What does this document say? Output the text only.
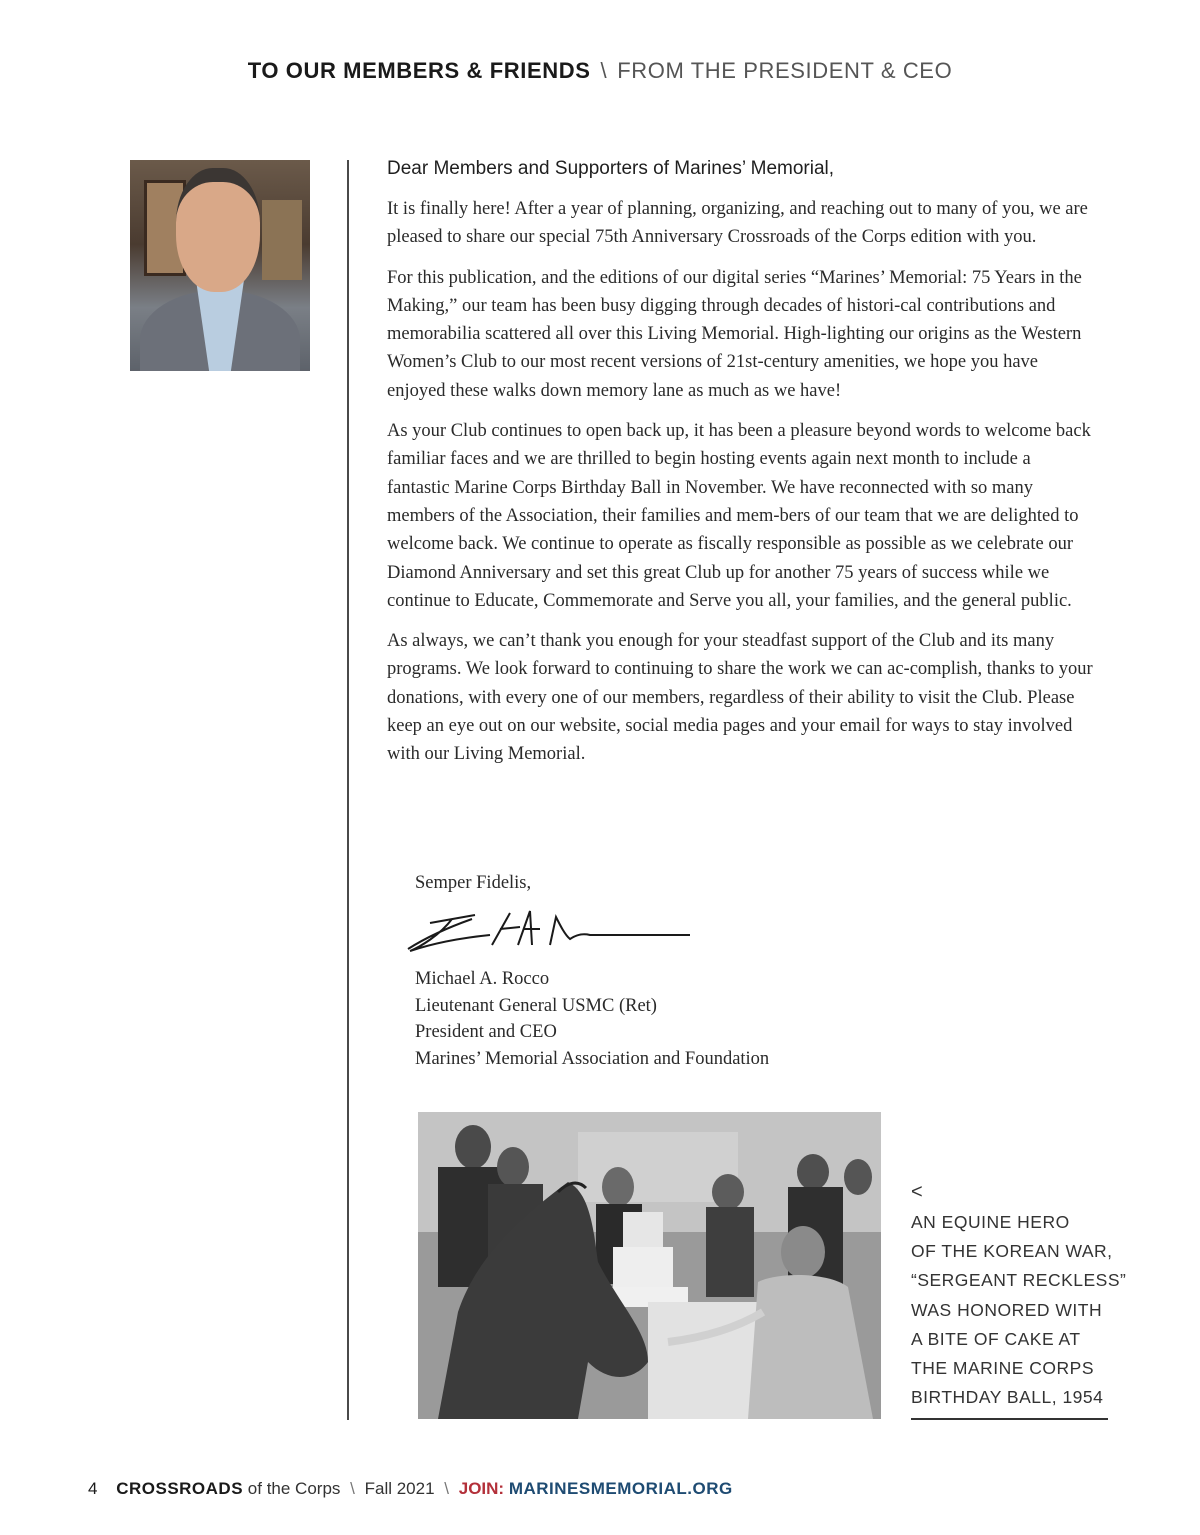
TO OUR MEMBERS & FRIENDS \ FROM THE PRESIDENT & CEO

Dear Members and Supporters of Marines’ Memorial,

It is finally here! After a year of planning, organizing, and reaching out to many of you, we are pleased to share our special 75th Anniversary Crossroads of the Corps edition with you.

For this publication, and the editions of our digital series “Marines’ Memorial: 75 Years in the Making,” our team has been busy digging through decades of histori-cal contributions and memorabilia scattered all over this Living Memorial. High-lighting our origins as the Western Women’s Club to our most recent versions of 21st-century amenities, we hope you have enjoyed these walks down memory lane as much as we have!

As your Club continues to open back up, it has been a pleasure beyond words to welcome back familiar faces and we are thrilled to begin hosting events again next month to include a fantastic Marine Corps Birthday Ball in November. We have reconnected with so many members of the Association, their families and mem-bers of our team that we are delighted to welcome back. We continue to operate as fiscally responsible as possible as we celebrate our Diamond Anniversary and set this great Club up for another 75 years of success while we continue to Educate, Commemorate and Serve you all, your families, and the general public.

As always, we can’t thank you enough for your steadfast support of the Club and its many programs. We look forward to continuing to share the work we can ac-complish, thanks to your donations, with every one of our members, regardless of their ability to visit the Club. Please keep an eye out on our website, social media pages and your email for ways to stay involved with our Living Memorial.

Semper Fidelis,
Michael A. Rocco
Lieutenant General USMC (Ret)
President and CEO
Marines’ Memorial Association and Foundation
<
AN EQUINE HERO
OF THE KOREAN WAR,
“SERGEANT RECKLESS”
WAS HONORED WITH
A BITE OF CAKE AT
THE MARINE CORPS
BIRTHDAY BALL, 1954
4 CROSSROADS of the Corps \ Fall 2021 \ JOIN: MARINESMEMORIAL.ORG
